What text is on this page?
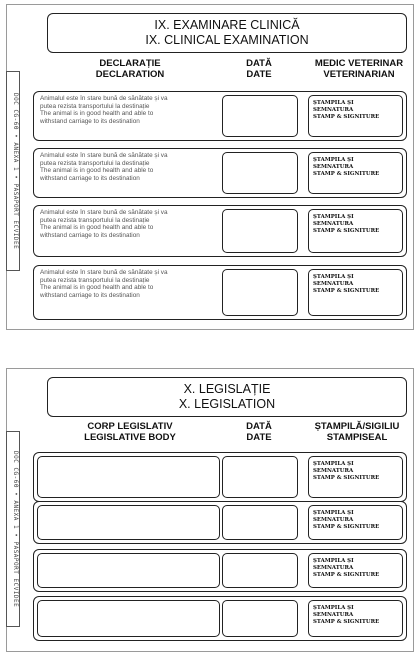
DOC CG-60 • ANEXA 1 • PASAPORT ECVIDEE
IX. EXAMINARE CLINICĂ
IX. CLINICAL EXAMINATION
DECLARAȚIE
DECLARATION
DATĂ
DATE
MEDIC VETERINAR
VETERINARIAN
Animalul este în stare bună de sănătate și va
putea rezista transportului la destinație
The animal is in good health and able to
withstand carriage to its destination
ȘTAMPILA ȘI
SEMNATURA
STAMP & SIGNITURE
Animalul este în stare bună de sănătate și va
putea rezista transportului la destinație
The animal is in good health and able to
withstand carriage to its destination
ȘTAMPILA ȘI
SEMNATURA
STAMP & SIGNITURE
Animalul este în stare bună de sănătate și va
putea rezista transportului la destinație
The animal is in good health and able to
withstand carriage to its destination
ȘTAMPILA ȘI
SEMNATURA
STAMP & SIGNITURE
Animalul este în stare bună de sănătate și va
putea rezista transportului la destinație
The animal is in good health and able to
withstand carriage to its destination
ȘTAMPILA ȘI
SEMNATURA
STAMP & SIGNITURE
DOC CG-60 • ANEXA 1 • PASAPORT ECVIDEE
X. LEGISLAȚIE
X. LEGISLATION
CORP LEGISLATIV
LEGISLATIVE BODY
DATĂ
DATE
ȘTAMPILĂ/SIGILIU
STAMPISEAL
ȘTAMPILA ȘI
SEMNATURA
STAMP & SIGNITURE
ȘTAMPILA ȘI
SEMNATURA
STAMP & SIGNITURE
ȘTAMPILA ȘI
SEMNATURA
STAMP & SIGNITURE
ȘTAMPILA ȘI
SEMNATURA
STAMP & SIGNITURE
